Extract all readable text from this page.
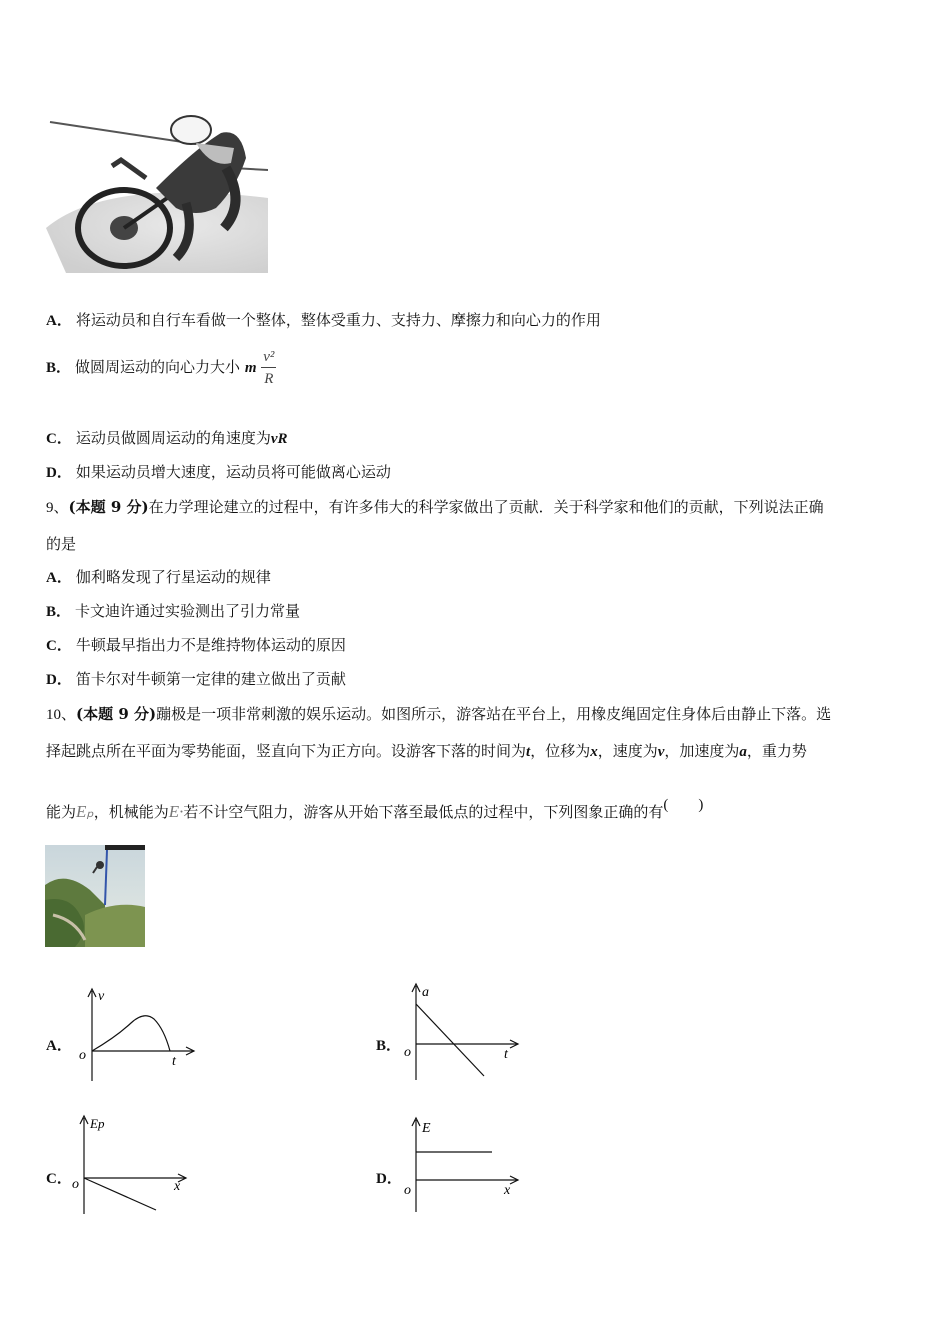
A． 将运动员和自行车看做一个整体，整体受重力、支持力、摩擦力和向心力的作用
B． 做圆周运动的向心力大小 m $\frac{\text{v²}}{R}$
C． 运动员做圆周运动的角速度为vR
D． 如果运动员增大速度，运动员将可能做离心运动
9、(本题 9 分)在力学理论建立的过程中，有许多伟大的科学家做出了贡献．关于科学家和他们的贡献，下列说法正确
的是
A． 伽利略发现了行星运动的规律
B． 卡文迪许通过实验测出了引力常量
C． 牛顿最早指出力不是维持物体运动的原因
D． 笛卡尔对牛顿第一定律的建立做出了贡献
10、(本题 9 分)蹦极是一项非常刺激的娱乐运动。如图所示，游客站在平台上，用橡皮绳固定住身体后由静止下落。选
择起跳点所在平面为零势能面，竖直向下为正方向。设游客下落的时间为t，位移为x，速度为v，加速度为a，重力势
能为Eₚ，机械能为E·若不计空气阻力，游客从开始下落至最低点的过程中，下列图象正确的有(　　)
A．
v
t
o
B．
a
t
o
C．
Ep
x
o	D．
E
x
o
